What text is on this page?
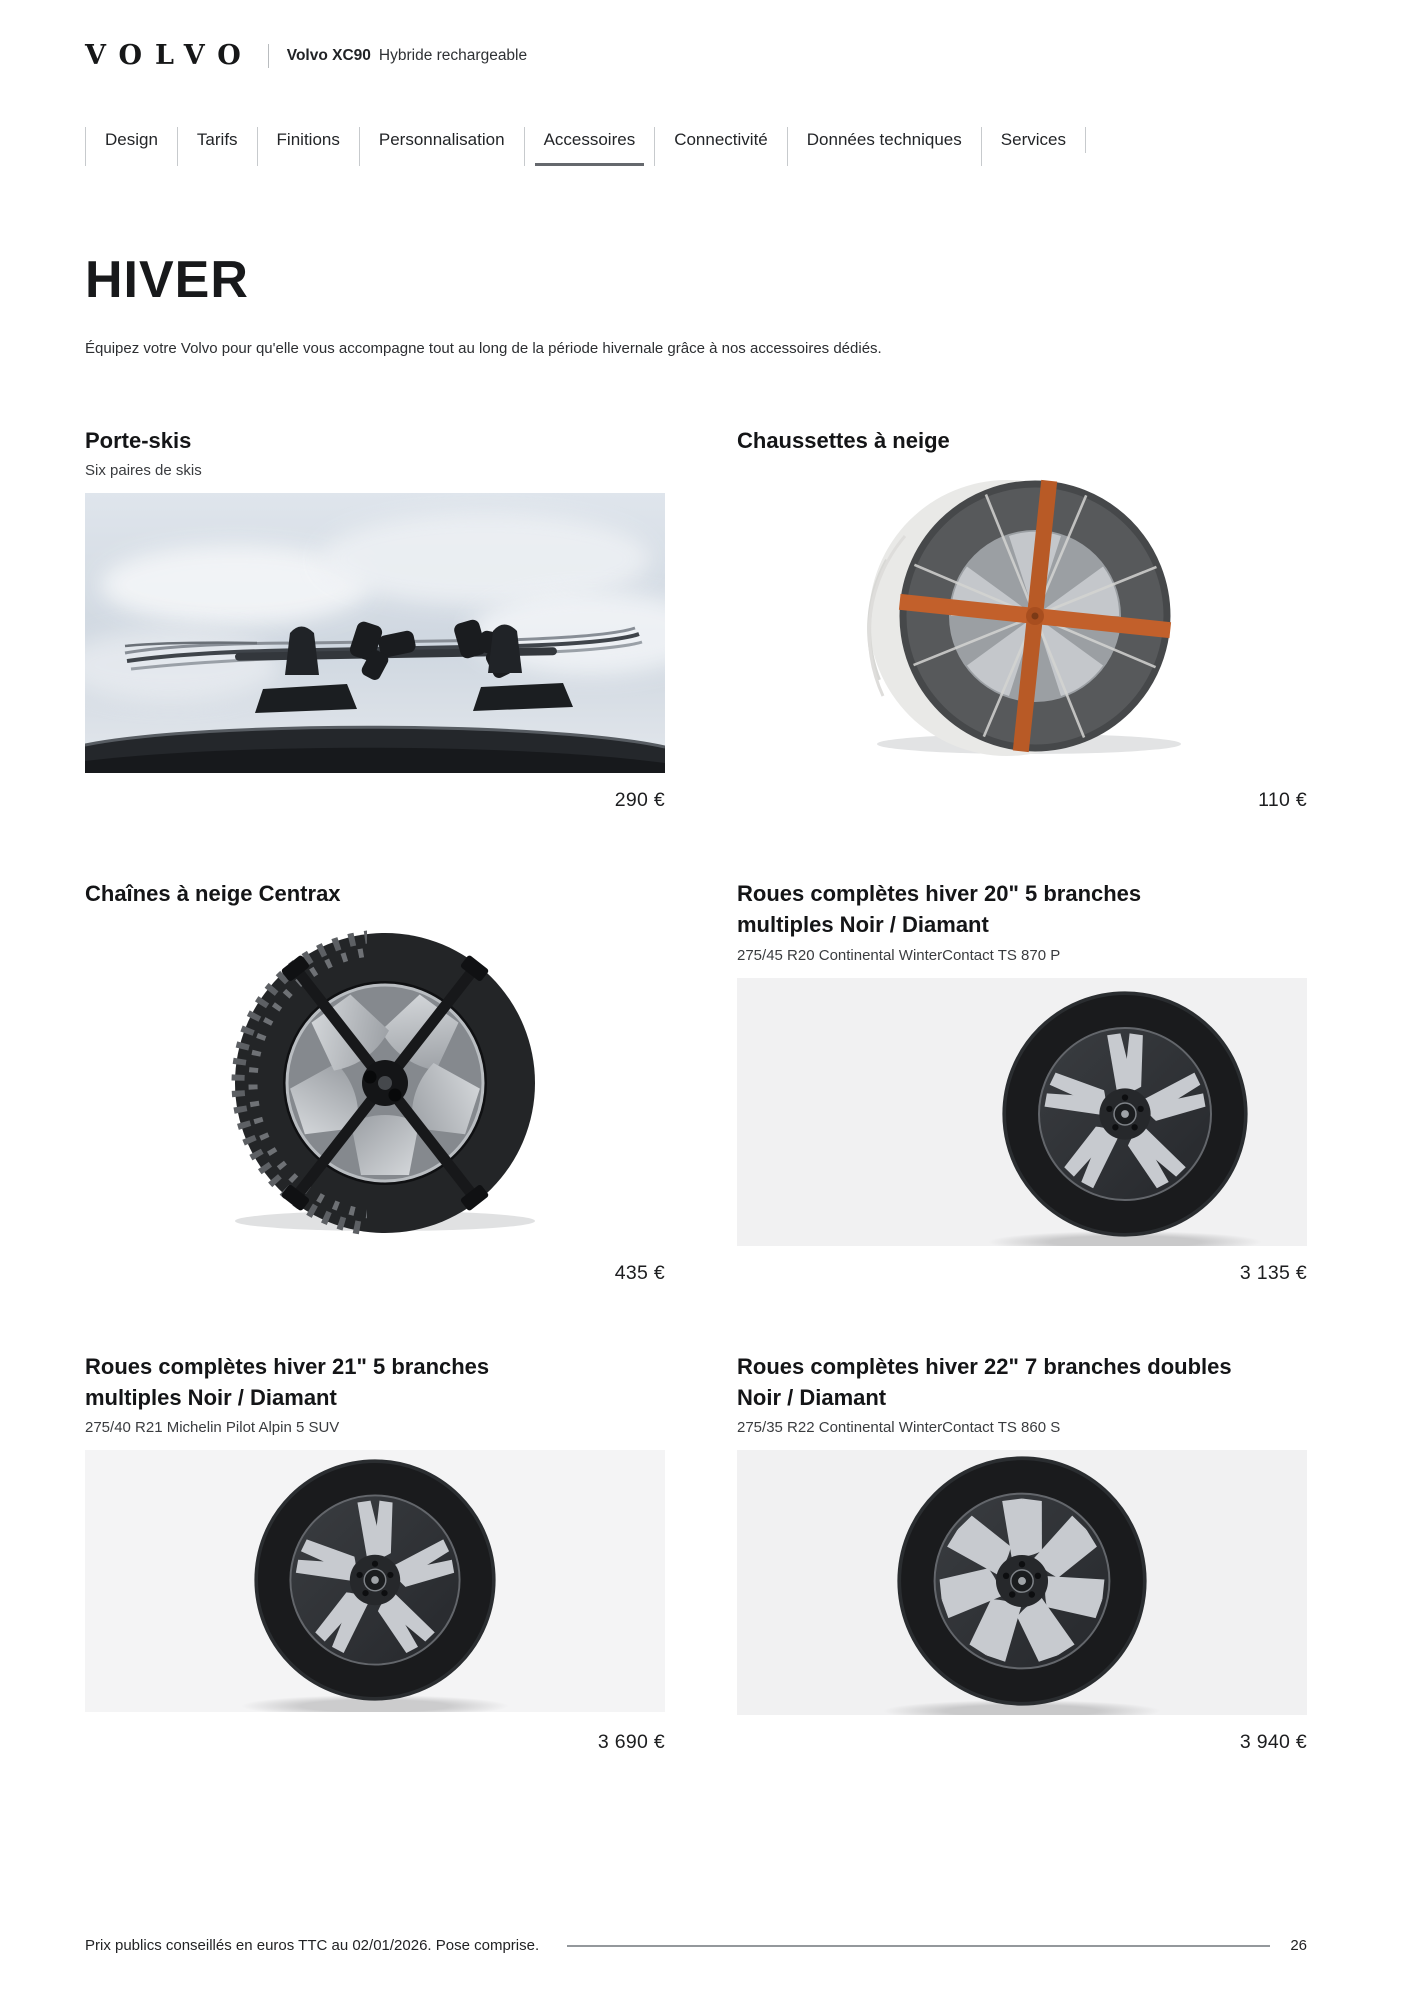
VOLVO Volvo XC90 Hybride rechargeable
Design	Tarifs	Finitions	Personnalisation	Accessoires	Connectivité	Données techniques	Services
HIVER

Équipez votre Volvo pour qu'elle vous accompagne tout au long de la période hivernale grâce à nos accessoires dédiés.

Porte-skis
Six paires de skis
290 €
Chaussettes à neige
110 €
Chaînes à neige Centrax
435 €
Roues complètes hiver 20" 5 branches multiples Noir / Diamant
275/45 R20 Continental WinterContact TS 870 P
3 135 €
Roues complètes hiver 21" 5 branches multiples Noir / Diamant
275/40 R21 Michelin Pilot Alpin 5 SUV
3 690 €
Roues complètes hiver 22" 7 branches doubles Noir / Diamant
275/35 R22 Continental WinterContact TS 860 S
3 940 €
Prix publics conseillés en euros TTC au 02/01/2026. Pose comprise.	26
